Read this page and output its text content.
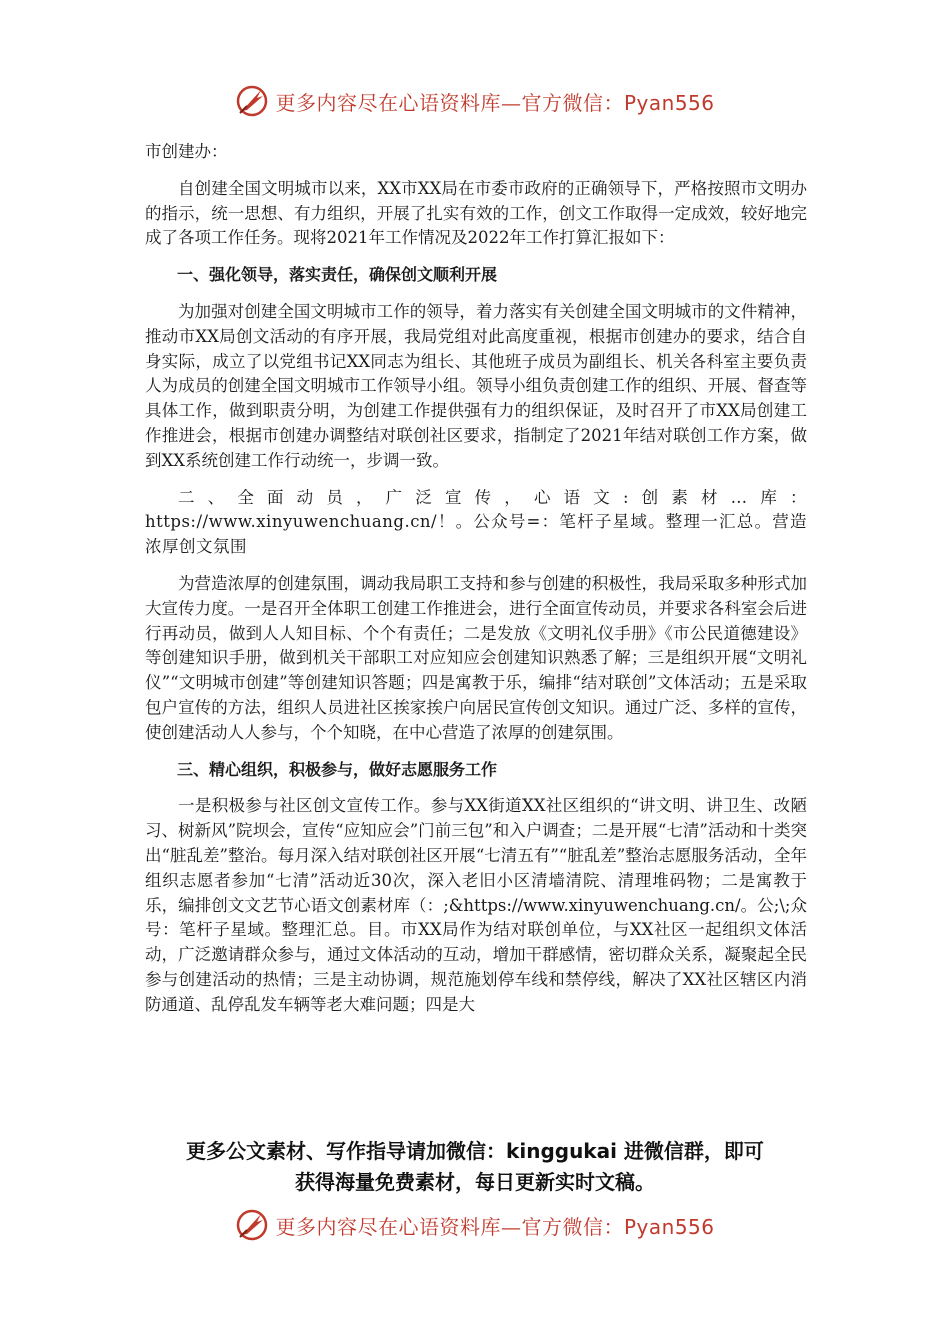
更多内容尽在心语资料库—官方微信：Pyan556

市创建办：

自创建全国文明城市以来，XX市XX局在市委市政府的正确领导下，严格按照市文明办的指示，统一思想、有力组织，开展了扎实有效的工作，创文工作取得一定成效，较好地完成了各项工作任务。现将2021年工作情况及2022年工作打算汇报如下：

一、强化领导，落实责任，确保创文顺利开展

为加强对创建全国文明城市工作的领导，着力落实有关创建全国文明城市的文件精神，推动市XX局创文活动的有序开展，我局党组对此高度重视，根据市创建办的要求，结合自身实际，成立了以党组书记XX同志为组长、其他班子成员为副组长、机关各科室主要负责人为成员的创建全国文明城市工作领导小组。领导小组负责创建工作的组织、开展、督查等具体工作，做到职责分明，为创建工作提供强有力的组织保证，及时召开了市XX局创建工作推进会，根据市创建办调整结对联创社区要求，指制定了2021年结对联创工作方案，做到XX系统创建工作行动统一，步调一致。

二、全面动员，广泛宣传，心语文:创素材…库：https://www.xinyuwenchuang.cn/！。公众号=：笔杆子星域。整理一汇总。营造浓厚创文氛围

为营造浓厚的创建氛围，调动我局职工支持和参与创建的积极性，我局采取多种形式加大宣传力度。一是召开全体职工创建工作推进会，进行全面宣传动员，并要求各科室会后进行再动员，做到人人知目标、个个有责任；二是发放《文明礼仪手册》《市公民道德建设》等创建知识手册，做到机关干部职工对应知应会创建知识熟悉了解；三是组织开展“文明礼仪”“文明城市创建”等创建知识答题；四是寓教于乐，编排“结对联创”文体活动；五是采取包户宣传的方法，组织人员进社区挨家挨户向居民宣传创文知识。通过广泛、多样的宣传，使创建活动人人参与，个个知晓，在中心营造了浓厚的创建氛围。

三、精心组织，积极参与，做好志愿服务工作

一是积极参与社区创文宣传工作。参与XX街道XX社区组织的“讲文明、讲卫生、改陋习、树新风”院坝会，宣传“应知应会”门前三包”和入户调查；二是开展“七清”活动和十类突出“脏乱差”整治。每月深入结对联创社区开展“七清五有”“脏乱差”整治志愿服务活动，全年组织志愿者参加“七清”活动近30次，深入老旧小区清墙清院、清理堆码物；二是寓教于乐，编排创文文艺节心语文创素材库（：;&https://www.xinyuwenchuang.cn/。公;\;众号：笔杆子星域。整理汇总。目。市XX局作为结对联创单位，与XX社区一起组织文体活动，广泛邀请群众参与，通过文体活动的互动，增加干群感情，密切群众关系，凝聚起全民参与创建活动的热情；三是主动协调，规范施划停车线和禁停线，解决了XX社区辖区内消防通道、乱停乱发车辆等老大难问题；四是大

更多公文素材、写作指导请加微信：kinggukai 进微信群，即可
获得海量免费素材，每日更新实时文稿。
更多内容尽在心语资料库—官方微信：Pyan556
